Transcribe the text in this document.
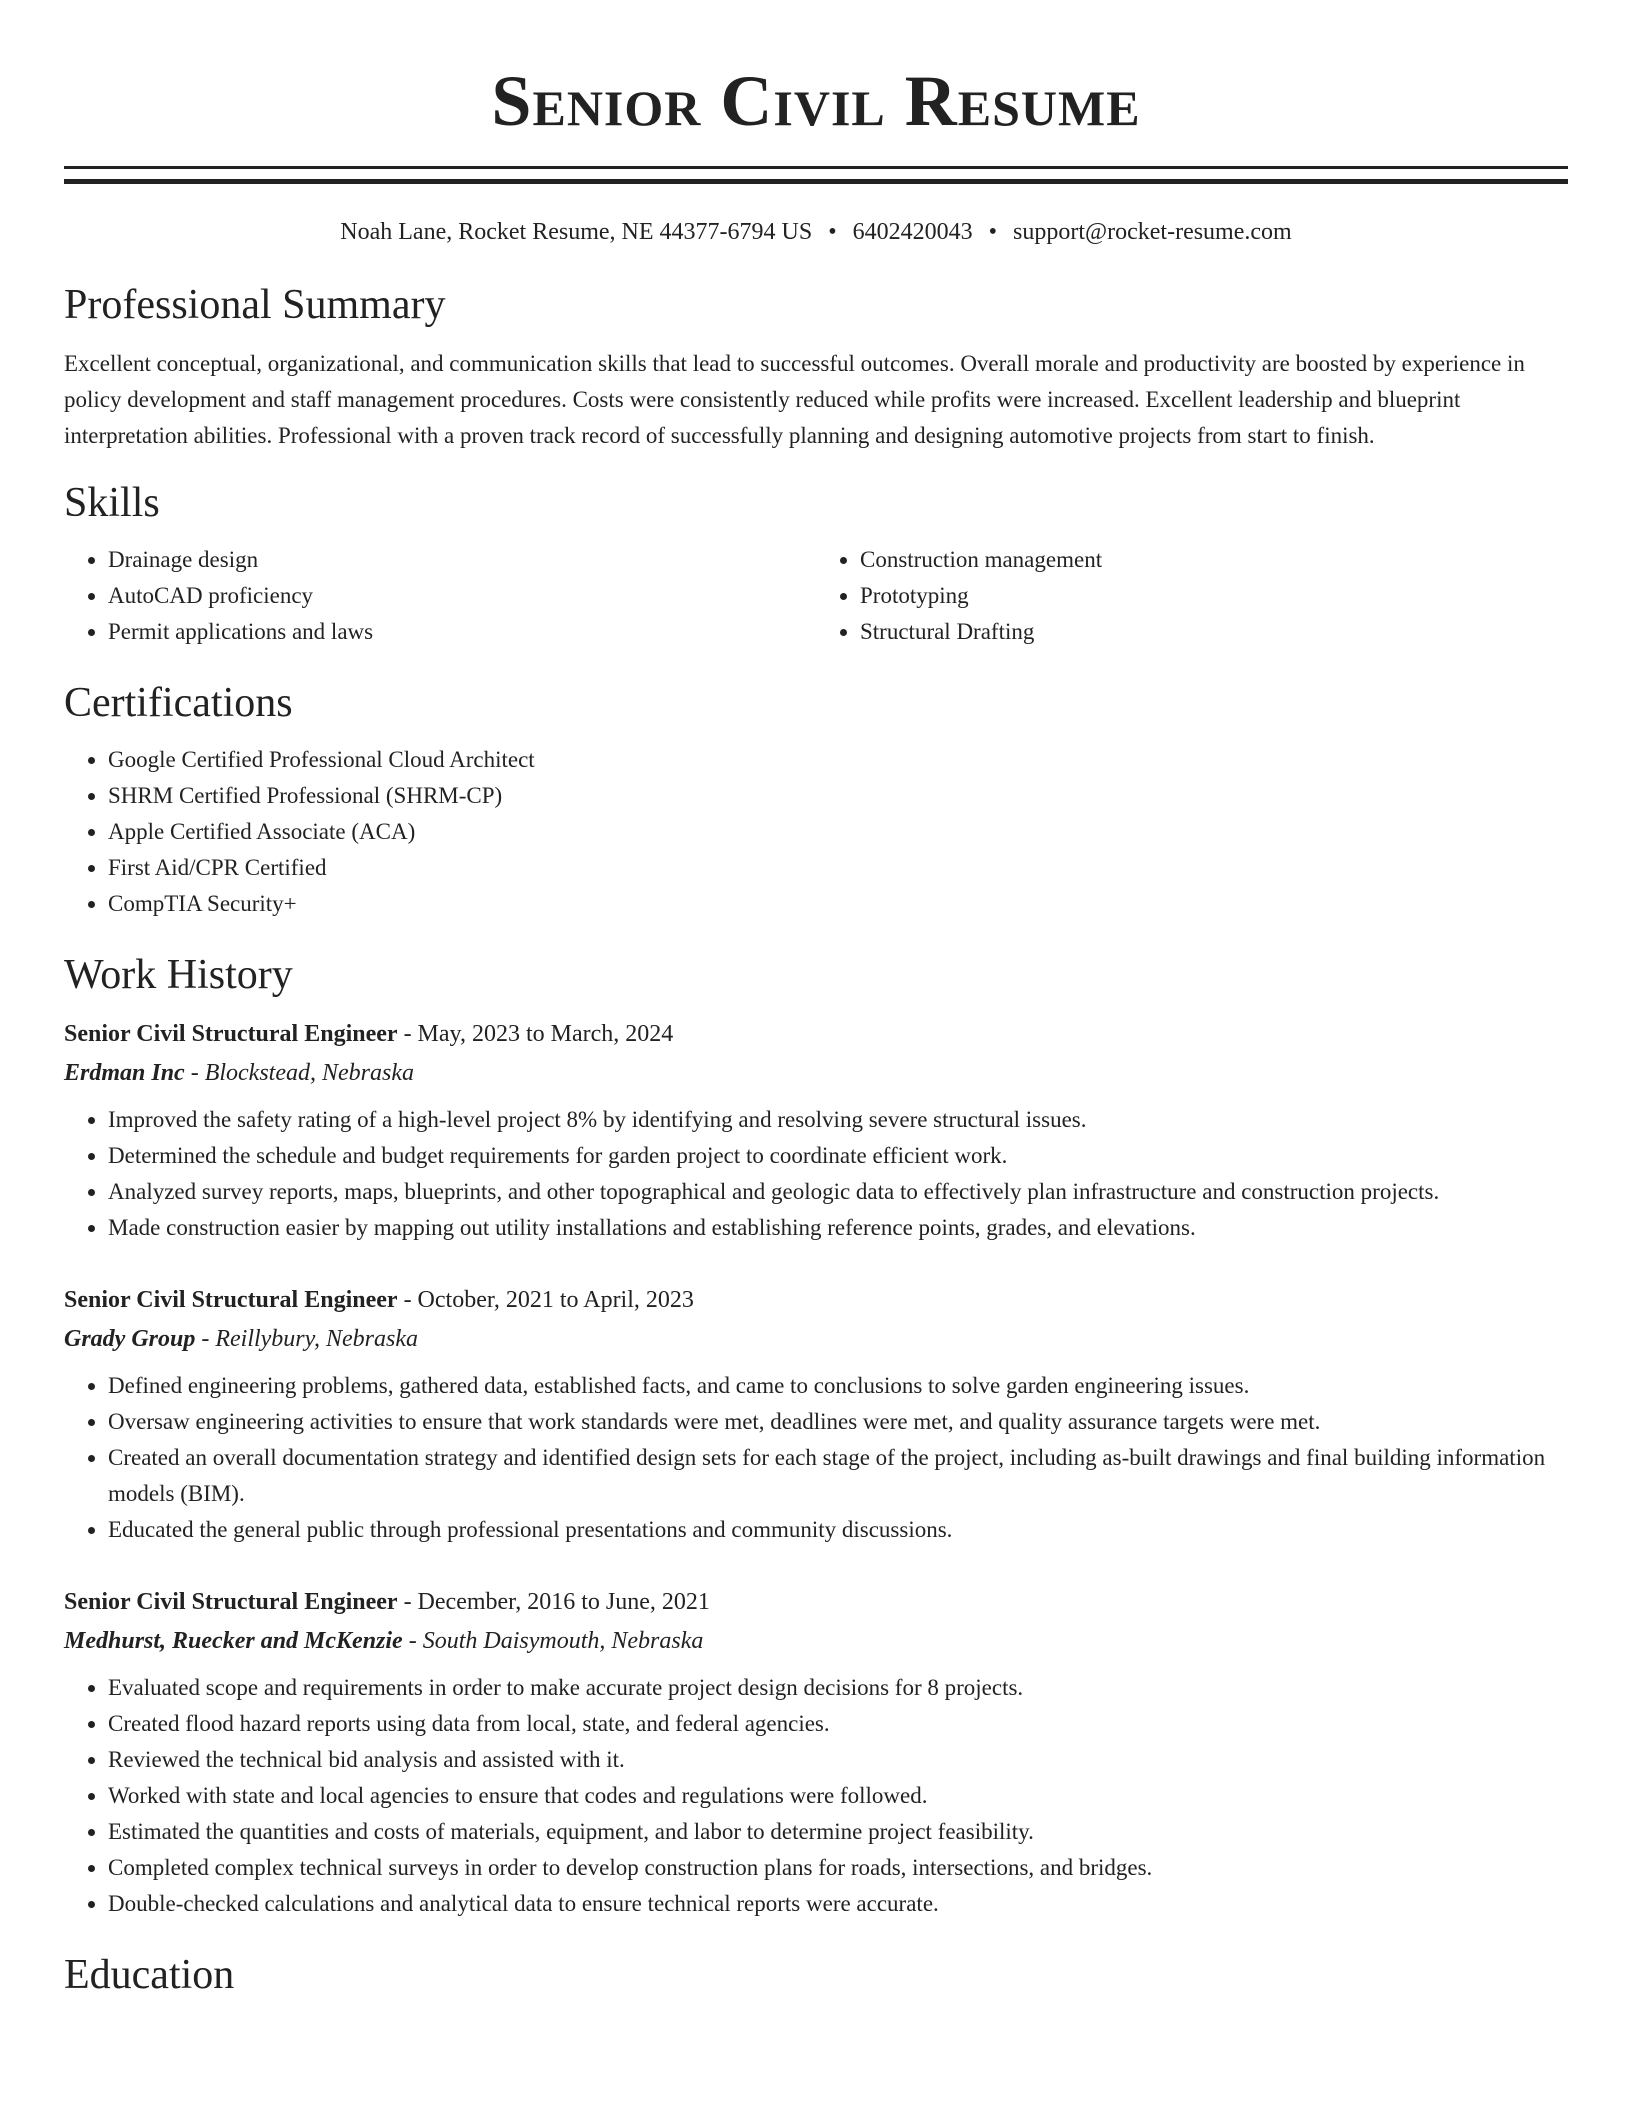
Senior Civil Resume
Noah Lane, Rocket Resume, NE 44377-6794 US • 6402420043 • support@rocket-resume.com
Professional Summary

Excellent conceptual, organizational, and communication skills that lead to successful outcomes. Overall morale and productivity are boosted by experience in policy development and staff management procedures. Costs were consistently reduced while profits were increased. Excellent leadership and blueprint interpretation abilities. Professional with a proven track record of successfully planning and designing automotive projects from start to finish.

Skills
• Drainage design
• AutoCAD proficiency
• Permit applications and laws
• Construction management
• Prototyping
• Structural Drafting
Certifications
• Google Certified Professional Cloud Architect
• SHRM Certified Professional (SHRM-CP)
• Apple Certified Associate (ACA)
• First Aid/CPR Certified
• CompTIA Security+
Work History
Senior Civil Structural Engineer - May, 2023 to March, 2024
Erdman Inc - Blockstead, Nebraska
• Improved the safety rating of a high-level project 8% by identifying and resolving severe structural issues.
• Determined the schedule and budget requirements for garden project to coordinate efficient work.
• Analyzed survey reports, maps, blueprints, and other topographical and geologic data to effectively plan infrastructure and construction projects.
• Made construction easier by mapping out utility installations and establishing reference points, grades, and elevations.
Senior Civil Structural Engineer - October, 2021 to April, 2023
Grady Group - Reillybury, Nebraska
• Defined engineering problems, gathered data, established facts, and came to conclusions to solve garden engineering issues.
• Oversaw engineering activities to ensure that work standards were met, deadlines were met, and quality assurance targets were met.
• Created an overall documentation strategy and identified design sets for each stage of the project, including as-built drawings and final building information models (BIM).
• Educated the general public through professional presentations and community discussions.
Senior Civil Structural Engineer - December, 2016 to June, 2021
Medhurst, Ruecker and McKenzie - South Daisymouth, Nebraska
• Evaluated scope and requirements in order to make accurate project design decisions for 8 projects.
• Created flood hazard reports using data from local, state, and federal agencies.
• Reviewed the technical bid analysis and assisted with it.
• Worked with state and local agencies to ensure that codes and regulations were followed.
• Estimated the quantities and costs of materials, equipment, and labor to determine project feasibility.
• Completed complex technical surveys in order to develop construction plans for roads, intersections, and bridges.
• Double-checked calculations and analytical data to ensure technical reports were accurate.
Education
